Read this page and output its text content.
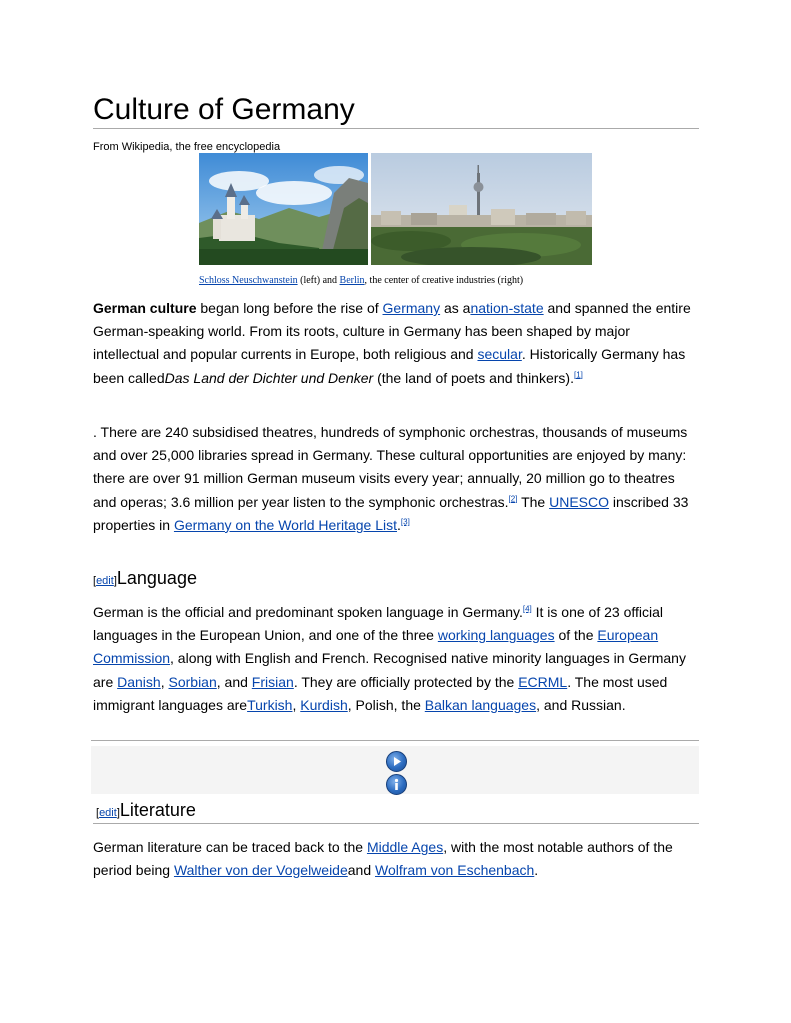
Culture of Germany
From Wikipedia, the free encyclopedia
Schloss Neuschwanstein (left) and Berlin, the center of creative industries (right)

German culture began long before the rise of Germany as anation-state and spanned the entire German-speaking world. From its roots, culture in Germany has been shaped by major intellectual and popular currents in Europe, both religious and secular. Historically Germany has been calledDas Land der Dichter und Denker (the land of poets and thinkers).[1]

. There are 240 subsidised theatres, hundreds of symphonic orchestras, thousands of museums and over 25,000 libraries spread in Germany. These cultural opportunities are enjoyed by many: there are over 91 million German museum visits every year; annually, 20 million go to theatres and operas; 3.6 million per year listen to the symphonic orchestras.[2] The UNESCO inscribed 33 properties in Germany on the World Heritage List.[3]

[edit]Language

German is the official and predominant spoken language in Germany.[4] It is one of 23 official languages in the European Union, and one of the three working languages of the European Commission, along with English and French. Recognised native minority languages in Germany are Danish, Sorbian, and Frisian. They are officially protected by the ECRML. The most used immigrant languages areTurkish, Kurdish, Polish, the Balkan languages, and Russian.

[edit]Literature

German literature can be traced back to the Middle Ages, with the most notable authors of the period being Walther von der Vogelweideand Wolfram von Eschenbach.
